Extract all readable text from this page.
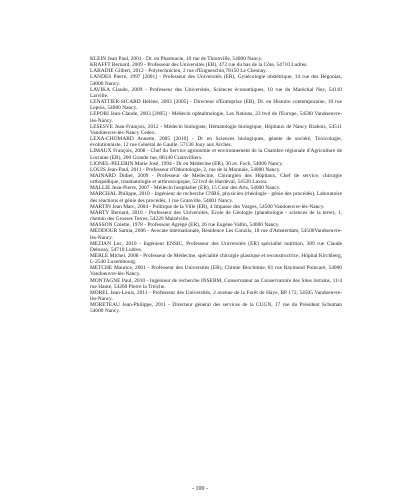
KLEIN Jean Paul, 2001 - Dr. en Pharmacie, 10 rue de Thionville, 54000 Nancy.

KRAFFT Bernard, 2009 - Professeur des Universités (ER), 472 rue du bas de la Côte, 54710 Ludres.

LABADIE Gilbert, 2012 - Polytechnicien, 2 rue d'Engueschin,78150 Le Chesnay.

LANDES Pierre, 1997 [2001] - Professeur des Universités (ER), Gynécologie obstétrique, 14 rue des Bégonias, 54000 Nancy.

LAVIKA Claude, 2009 - Professeur des Universités, Sciences économiques, 10 rue du Maréchal Ney, 54110 Larville.

LENATTIER-SICARD Hélène, 2003 [2005] - Directeur d'Entreprise (ER), Dr. en Histoire contemporaine, 10 rue Lepois, 54000 Nancy.

LEPORI Jean-Claude, 2003 [2005] - Médecin ophtalmologie, Les Nations, 23 bvd de l'Europe, 54500 Vandoeuvre-lès-Nancy.

LESESVE Jean-François, 2012 - Médecin biologiste, Hématologie biologique, Hôpitaux de Nancy Brabois, 54511 Vandoeuvre-lès-Nancy Cedex.

LEXA-CHOMARD Annette, 2005 [2010] - Dr en Sciences biologiques, géante de société, Toxicologie, évolutionniste, 12 rue Général de Gaulle, 57130 Jouy aux Arches.

LIMAUX François, 2008 - Chef du Service agronomie et environnement de la Chambre régionale d'Agriculture de Lorraine (ER), 200 Grande rue, 88140 Crainvilliers.

LIONEL-PELERIN Marie José, 1994 - Dr en Médecine (ER), 30 av. Foch, 54000 Nancy.

LOUIS Jean-Paul, 2011 - Professeur d'Odontologie, 2, rue de la Monnaie, 54000 Nancy.

MAINARD Didier, 2009 - Professeur de Médecine, Chirurgien des Hôpitaux, Chef de service, chirurgie orthopédique, traumatologie et arthroscopique, 52 bvd de Hardeval, 54520 Laxou.

MALLIE Jean-Pierre, 2007 - Médecin hospitalier (ER), 15 Cour des Arts, 54000 Nancy.

MARCHAL Philippe, 2010 - Ingénieur de recherche CNRS, physicien (rhéologie - génie des procédés), Laboratoire des réactions et génie des procédés, 1 rue Granville, 54001 Nancy.

MARTIN Jean Marc, 2004 - Politique de la Ville (ER), 4 Impasse des Vosges, 54500 Vandoeuvre-lès-Nancy.

MARTY Bernard, 2010 - Professeur des Universités, Ecole de Géologie (planétologie - sciences de la terre), 1, chemin des Grosses Terres, 54220 Malzéville.

MASSON Colette, 1978 - Professeur Agrégé (ER), 26 rue Eugène Vallin, 54000 Nancy.

MEDDOUR Samia, 2006 - Avocate internationale, Résidence Les Conzils, 18 rue d'Amsterdam, 54500Vandoeuvre-lès-Nancy.

MEZIAN Luc, 2010 - Ingénieur ENSIC, Professeur des Universités (ER) spécialité nutrition, 309 rue Claude Debussy, 54710 Ludres.

MERLE Michel, 2008 - Professeur de Médecine, spécialité chirurgie plastique et reconstructrice, Hôpital Kirchberg, L-2540 Luxembourg.

METCHE Maurice, 2001 - Professeur des Universités (ER), Chimie Biochimie, 81 rue Raymond Poincaré, 54000 Vandoeuvre-lès-Nancy.

MONTAGNE Paul, 2010 - Ingénieur de recherche INSERM, Conservateur au Conservatoire des Sites lorrains, 11/4 rue Haute, 54200 Pierre la Treiche.

MOREL Jean-Louis, 2011 - Professeur des Universités, 2 avenue de la Forêt de Haye, BP 172, 54505 Vandoeuvre-lès-Nancy.

MORETEAU Jean-Philippe, 2011 - Directeur général des services de la CUGN, 17 rue du Président Schuman 54000 Nancy.

- 100 -
